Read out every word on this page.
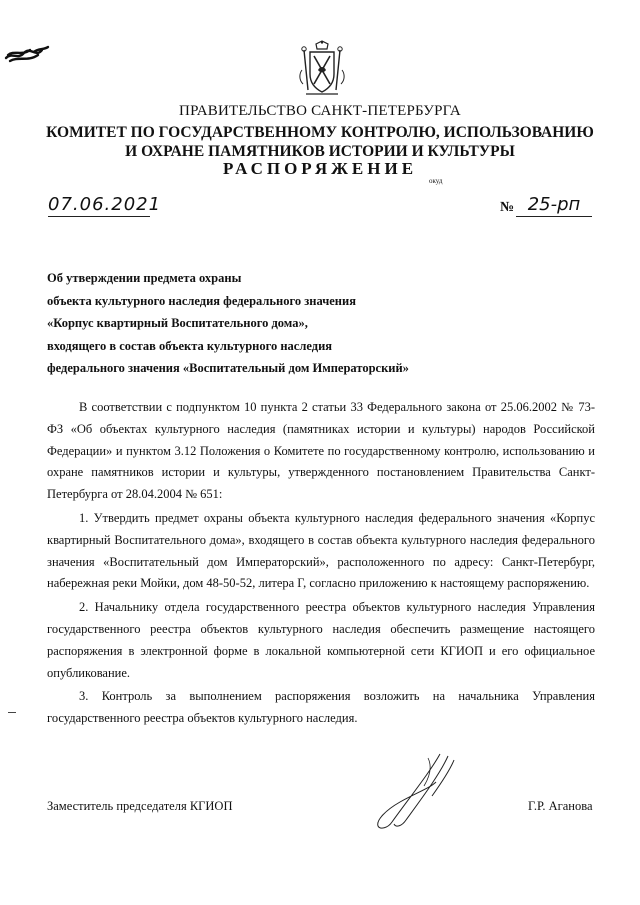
ПРАВИТЕЛЬСТВО САНКТ-ПЕТЕРБУРГА
КОМИТЕТ ПО ГОСУДАРСТВЕННОМУ КОНТРОЛЮ, ИСПОЛЬЗОВАНИЮ
И ОХРАНЕ ПАМЯТНИКОВ ИСТОРИИ И КУЛЬТУРЫ
РАСПОРЯЖЕНИЕ
окуд
07.06.2021	№ 25-рп
Об утверждении предмета охраны
объекта культурного наследия федерального значения
«Корпус квартирный Воспитательного дома»,
входящего в состав объекта культурного наследия
федерального значения «Воспитательный дом Императорский»

В соответствии с подпунктом 10 пункта 2 статьи 33 Федерального закона от 25.06.2002 № 73-ФЗ «Об объектах культурного наследия (памятниках истории и культуры) народов Российской Федерации» и пунктом 3.12 Положения о Комитете по государственному контролю, использованию и охране памятников истории и культуры, утвержденного постановлением Правительства Санкт-Петербурга от 28.04.2004 № 651:

1. Утвердить предмет охраны объекта культурного наследия федерального значения «Корпус квартирный Воспитательного дома», входящего в состав объекта культурного наследия федерального значения «Воспитательный дом Императорский», расположенного по адресу: Санкт-Петербург, набережная реки Мойки, дом 48-50-52, литера Г, согласно приложению к настоящему распоряжению.

2. Начальнику отдела государственного реестра объектов культурного наследия Управления государственного реестра объектов культурного наследия обеспечить размещение настоящего распоряжения в электронной форме в локальной компьютерной сети КГИОП и его официальное опубликование.

3. Контроль за выполнением распоряжения возложить на начальника Управления государственного реестра объектов культурного наследия.

Заместитель председателя КГИОП	Г.Р. Аганова
